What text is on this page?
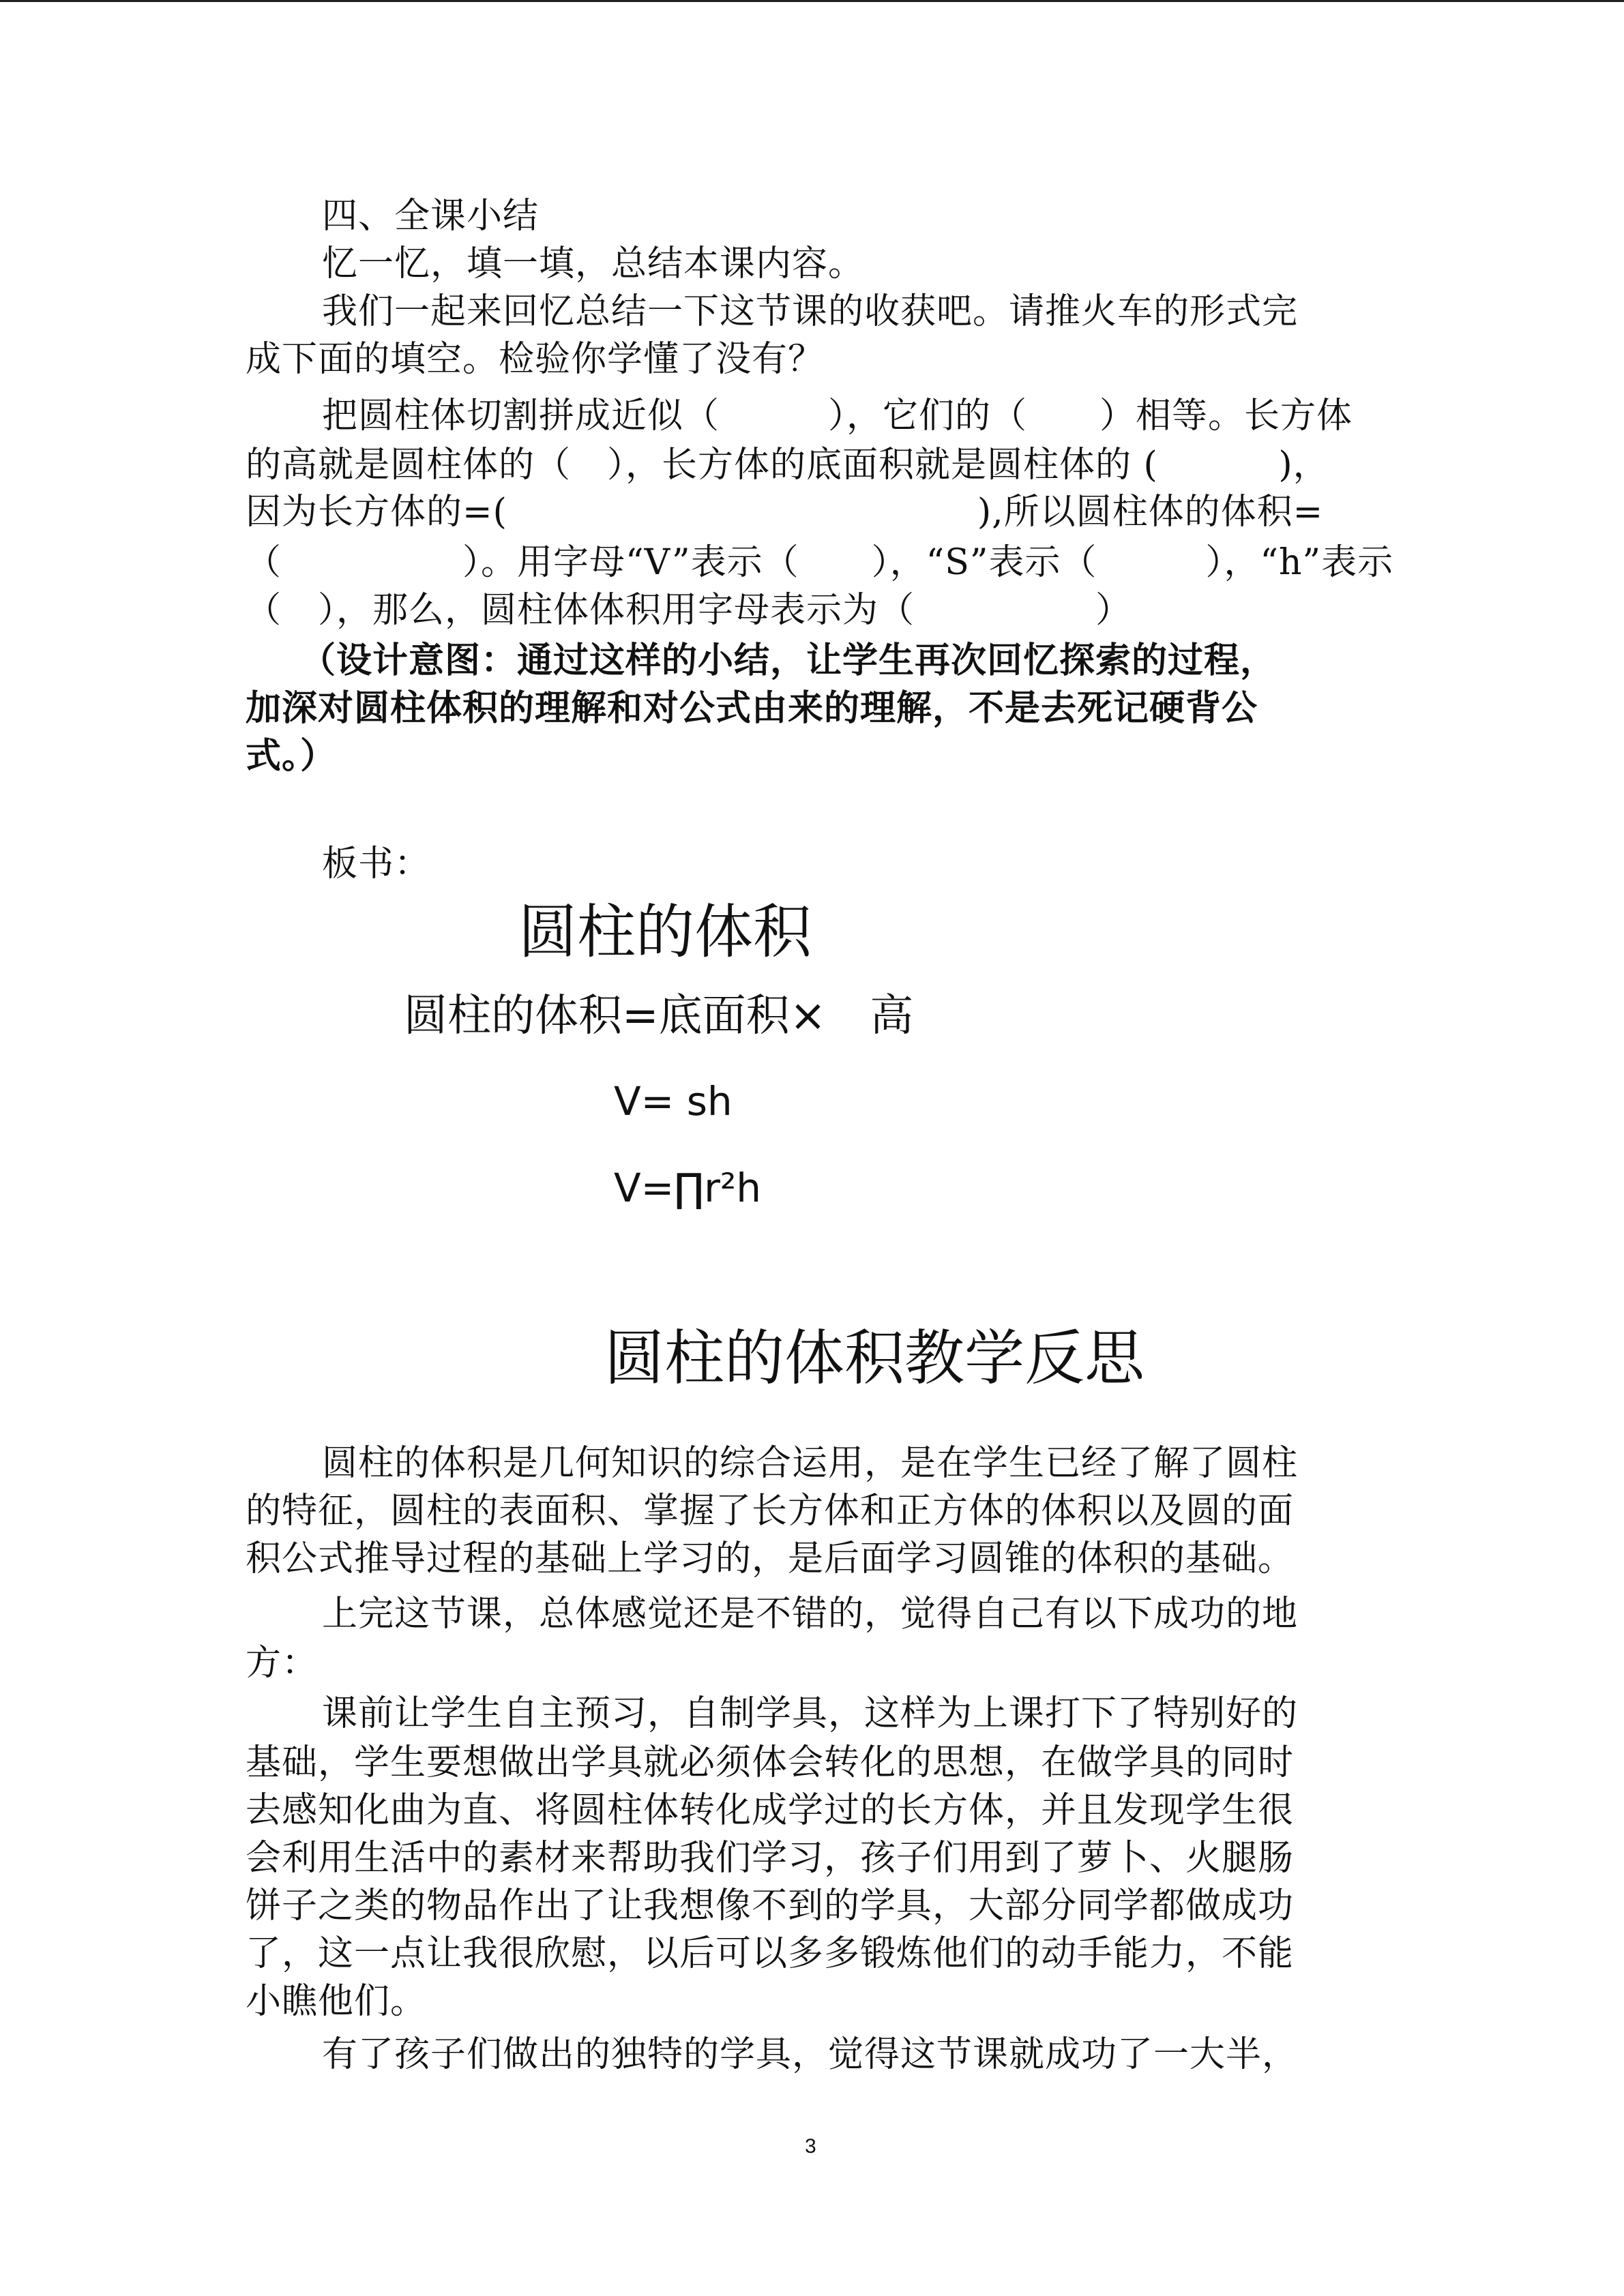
四、全课小结
忆一忆，填一填，总结本课内容。
我们一起来回忆总结一下这节课的收获吧。请推火车的形式完
成下面的填空。检验你学懂了没有？
把圆柱体切割拼成近似（　　　），它们的（　　）相等。长方体
的高就是圆柱体的（　），长方体的底面积就是圆柱体的 (　　　 )，
因为长方体的=(　　　　　　　　　　　　　),所以圆柱体的体积=
（　　　　　）。用字母“V”表示（　　），“S”表示（　　　），“h”表示
（　），那么，圆柱体体积用字母表示为（　　　　　）
（设计意图：通过这样的小结，让学生再次回忆探索的过程，
加深对圆柱体积的理解和对公式由来的理解，不是去死记硬背公
式。）
板书：
圆柱的体积
圆柱的体积=底面积×　高
V= sh
V=∏r²h
圆柱的体积教学反思
圆柱的体积是几何知识的综合运用，是在学生已经了解了圆柱
的特征，圆柱的表面积、掌握了长方体和正方体的体积以及圆的面
积公式推导过程的基础上学习的，是后面学习圆锥的体积的基础。
上完这节课，总体感觉还是不错的，觉得自己有以下成功的地
方：
课前让学生自主预习，自制学具，这样为上课打下了特别好的
基础，学生要想做出学具就必须体会转化的思想，在做学具的同时
去感知化曲为直、将圆柱体转化成学过的长方体，并且发现学生很
会利用生活中的素材来帮助我们学习，孩子们用到了萝卜、火腿肠
饼子之类的物品作出了让我想像不到的学具，大部分同学都做成功
了，这一点让我很欣慰，以后可以多多锻炼他们的动手能力，不能
小瞧他们。
有了孩子们做出的独特的学具，觉得这节课就成功了一大半，
3
